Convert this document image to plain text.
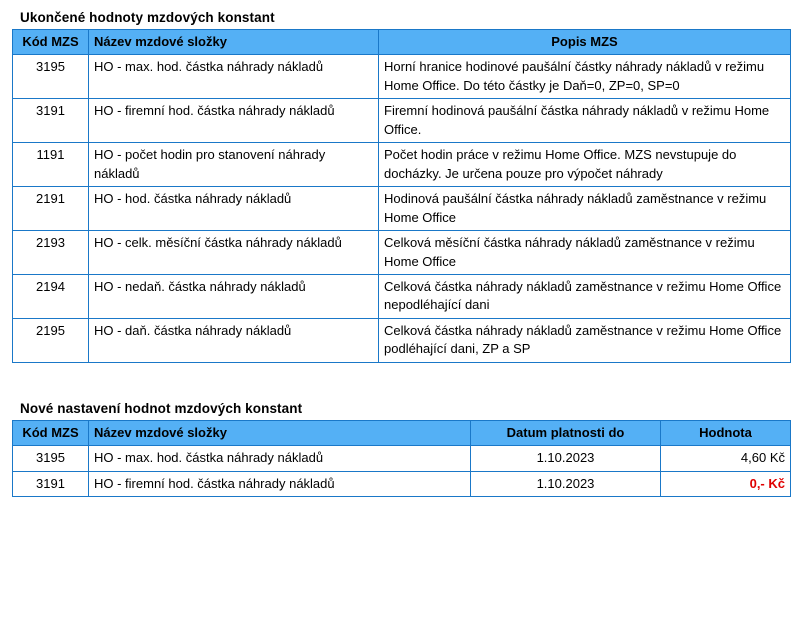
Ukončené hodnoty mzdových konstant
Kód MZS	Název mzdové složky	Popis MZS
3195	HO - max. hod. částka náhrady nákladů	Horní hranice hodinové paušální částky náhrady nákladů v režimu Home Office. Do této částky je Daň=0, ZP=0, SP=0
3191	HO - firemní hod. částka náhrady nákladů	Firemní hodinová paušální částka náhrady nákladů v režimu Home Office.
1191	HO - počet hodin pro stanovení náhrady nákladů	Počet hodin práce v režimu Home Office. MZS nevstupuje do docházky. Je určena pouze pro výpočet náhrady
2191	HO - hod. částka náhrady nákladů	Hodinová paušální částka náhrady nákladů zaměstnance v režimu Home Office
2193	HO - celk. měsíční částka náhrady nákladů	Celková měsíční částka náhrady nákladů zaměstnance v režimu Home Office
2194	HO - nedaň. částka náhrady nákladů	Celková částka náhrady nákladů zaměstnance v režimu Home Office nepodléhající dani
2195	HO - daň. částka náhrady nákladů	Celková částka náhrady nákladů zaměstnance v režimu Home Office podléhající dani, ZP a SP
Nové nastavení hodnot mzdových konstant
Kód MZS	Název mzdové složky	Datum platnosti do	Hodnota
3195	HO - max. hod. částka náhrady nákladů	1.10.2023	4,60 Kč
3191	HO - firemní hod. částka náhrady nákladů	1.10.2023	0,- Kč
